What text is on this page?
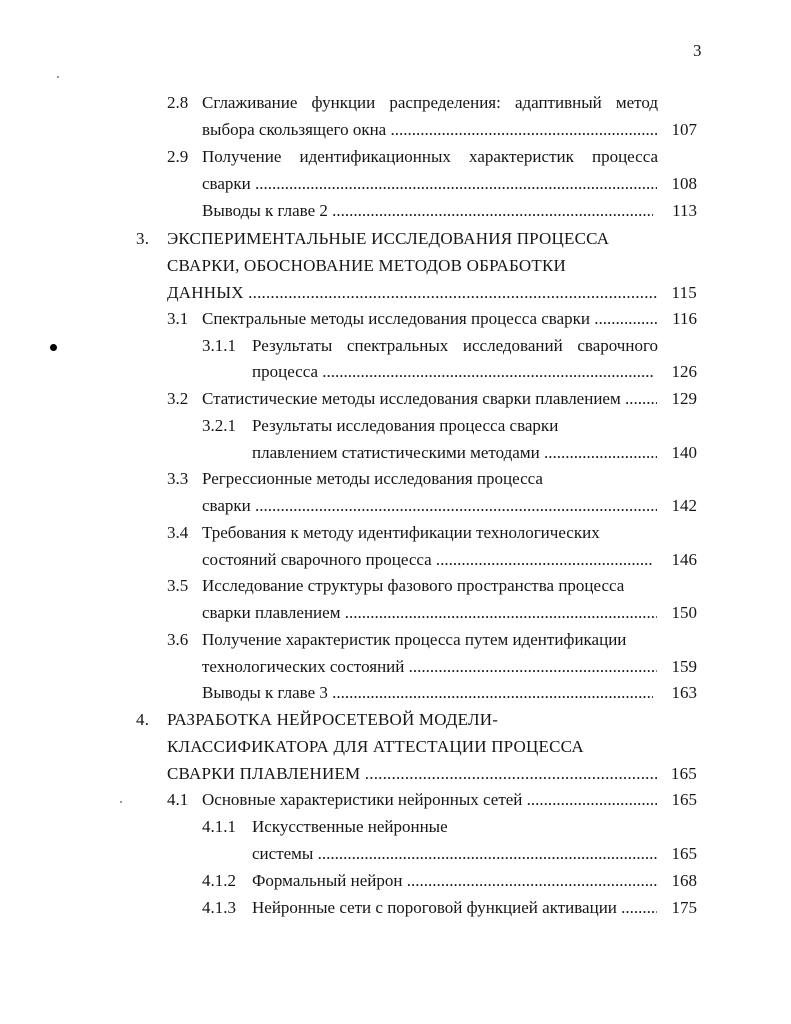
3
2.8 Сглаживание функции распределения: адаптивный метод
выбора скользящего окна .....	107
2.9 Получение идентификационных характеристик процесса
сварки .....	108
Выводы к главе 2 .....	113
3. ЭКСПЕРИМЕНТАЛЬНЫЕ ИССЛЕДОВАНИЯ ПРОЦЕССА
СВАРКИ, ОБОСНОВАНИЕ МЕТОДОВ ОБРАБОТКИ
ДАННЫХ .....	115
3.1 Спектральные методы исследования процесса сварки .....	116
3.1.1 Результаты спектральных исследований сварочного
процесса .....	126
3.2 Статистические методы исследования сварки плавлением .....	129
3.2.1 Результаты исследования процесса сварки
плавлением статистическими методами .....	140
3.3 Регрессионные методы исследования процесса
сварки .....	142
3.4 Требования к методу идентификации технологических
состояний сварочного процесса .....	146
3.5 Исследование структуры фазового пространства процесса
сварки плавлением .....	150
3.6 Получение характеристик процесса путем идентификации
технологических состояний .....	159
Выводы к главе 3 .....	163
4. РАЗРАБОТКА НЕЙРОСЕТЕВОЙ МОДЕЛИ-
КЛАССИФИКАТОРА ДЛЯ АТТЕСТАЦИИ ПРОЦЕССА
СВАРКИ ПЛАВЛЕНИЕМ .....	165
4.1 Основные характеристики нейронных сетей .....	165
4.1.1 Искусственные нейронные
системы .....	165
4.1.2 Формальный нейрон .....	168
4.1.3 Нейронные сети с пороговой функцией активации .....	175
